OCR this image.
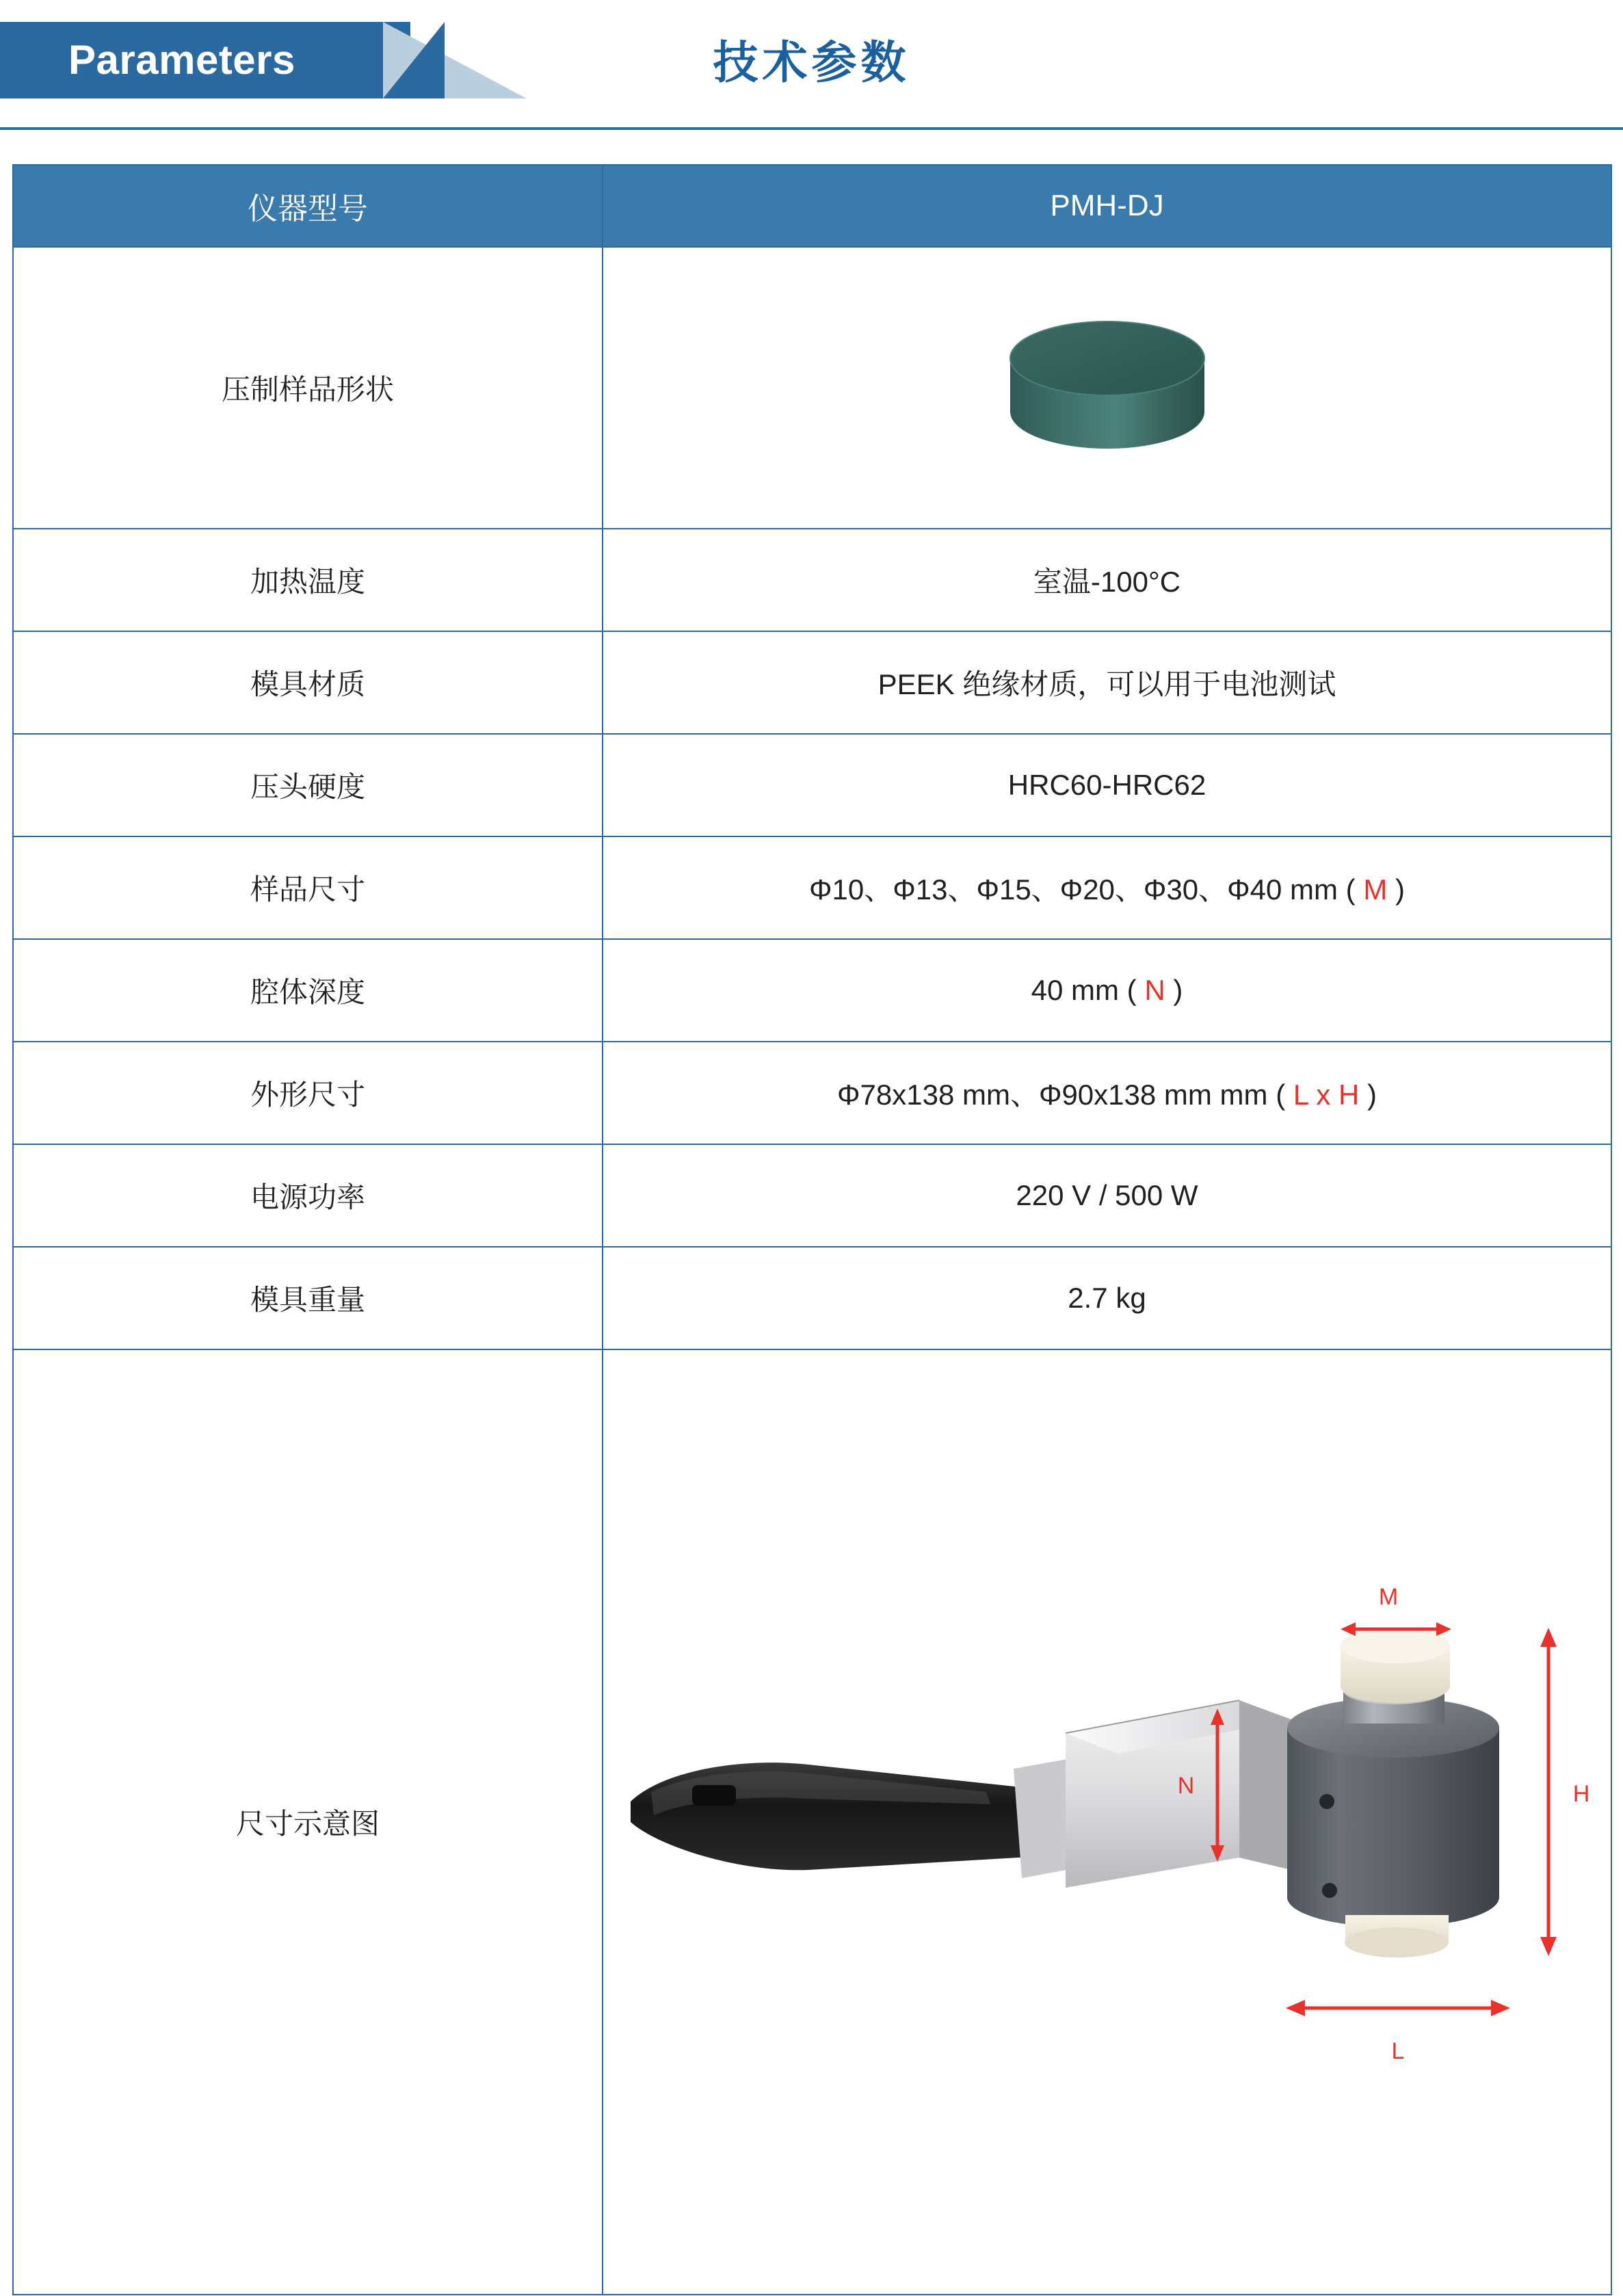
Parameters	技术参数
仪器型号	PMH-DJ
压制样品形状	

加热温度	室温-100°C
模具材质	PEEK 绝缘材质，可以用于电池测试
压头硬度	HRC60-HRC62
样品尺寸	Φ10、Φ13、Φ15、Φ20、Φ30、Φ40 mm ( M )
腔体深度	40 mm ( N )
外形尺寸	Φ78x138 mm、Φ90x138 mm mm ( L x H )
电源功率	220 V / 500 W
模具重量	2.7 kg
尺寸示意图	M
N H
L
